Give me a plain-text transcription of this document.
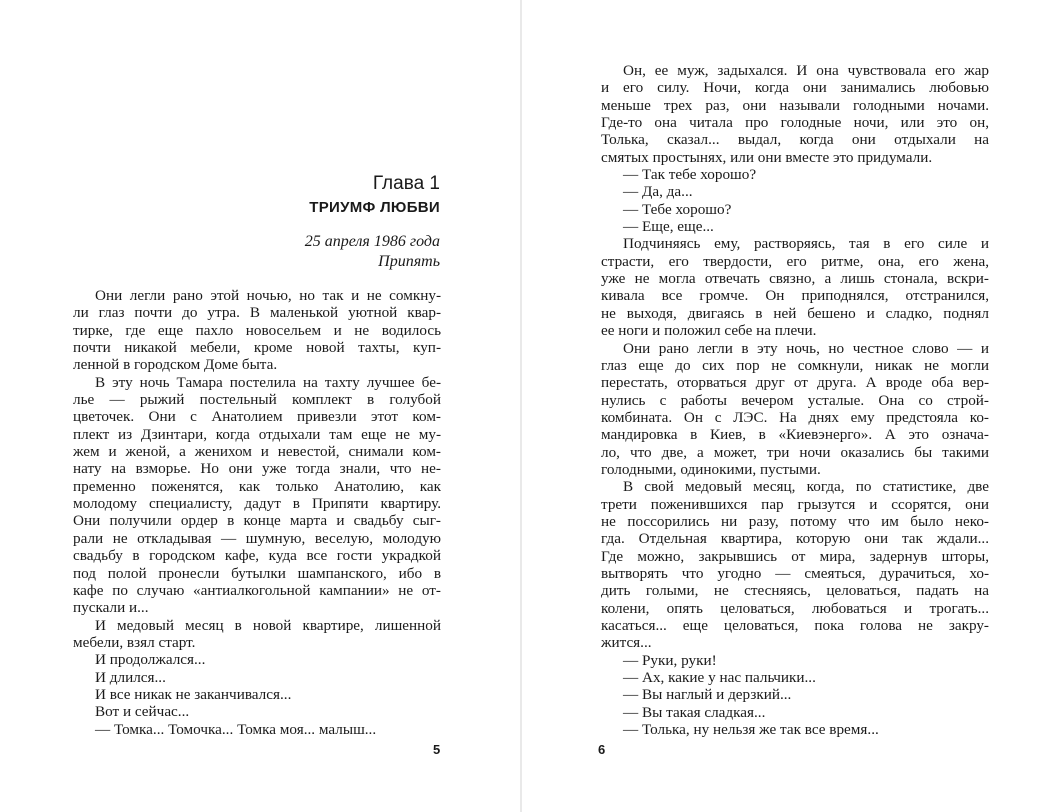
Глава 1
ТРИУМФ ЛЮБВИ
25 апреля 1986 года
Припять
Они легли рано этой ночью, но так и не сомкну-
ли глаз почти до утра. В маленькой уютной квар-
тирке, где еще пахло новосельем и не водилось
почти никакой мебели, кроме новой тахты, куп-
ленной в городском Доме быта.
В эту ночь Тамара постелила на тахту лучшее бе-
лье — рыжий постельный комплект в голубой
цветочек. Они с Анатолием привезли этот ком-
плект из Дзинтари, когда отдыхали там еще не му-
жем и женой, а женихом и невестой, снимали ком-
нату на взморье. Но они уже тогда знали, что не-
пременно поженятся, как только Анатолию, как
молодому специалисту, дадут в Припяти квартиру.
Они получили ордер в конце марта и свадьбу сыг-
рали не откладывая — шумную, веселую, молодую
свадьбу в городском кафе, куда все гости украдкой
под полой пронесли бутылки шампанского, ибо в
кафе по случаю «антиалкогольной кампании» не от-
пускали и...
И медовый месяц в новой квартире, лишенной
мебели, взял старт.
И продолжался...
И длился...
И все никак не заканчивался...
Вот и сейчас...
— Томка... Томочка... Томка моя... малыш...
5
Он, ее муж, задыхался. И она чувствовала его жар
и его силу. Ночи, когда они занимались любовью
меньше трех раз, они называли голодными ночами.
Где-то она читала про голодные ночи, или это он,
Толька, сказал... выдал, когда они отдыхали на
смятых простынях, или они вместе это придумали.
— Так тебе хорошо?
— Да, да...
— Тебе хорошо?
— Еще, еще...
Подчиняясь ему, растворяясь, тая в его силе и
страсти, его твердости, его ритме, она, его жена,
уже не могла отвечать связно, а лишь стонала, вскри-
кивала все громче. Он приподнялся, отстранился,
не выходя, двигаясь в ней бешено и сладко, поднял
ее ноги и положил себе на плечи.
Они рано легли в эту ночь, но честное слово — и
глаз еще до сих пор не сомкнули, никак не могли
перестать, оторваться друг от друга. А вроде оба вер-
нулись с работы вечером усталые. Она со строй-
комбината. Он с ЛЭС. На днях ему предстояла ко-
мандировка в Киев, в «Киевэнерго». А это означа-
ло, что две, а может, три ночи оказались бы такими
голодными, одинокими, пустыми.
В свой медовый месяц, когда, по статистике, две
трети поженившихся пар грызутся и ссорятся, они
не поссорились ни разу, потому что им было неко-
гда. Отдельная квартира, которую они так ждали...
Где можно, закрывшись от мира, задернув шторы,
вытворять что угодно — смеяться, дурачиться, хо-
дить голыми, не стесняясь, целоваться, падать на
колени, опять целоваться, любоваться и трогать...
касаться... еще целоваться, пока голова не закру-
жится...
— Руки, руки!
— Ах, какие у нас пальчики...
— Вы наглый и дерзкий...
— Вы такая сладкая...
— Толька, ну нельзя же так все время...
6
